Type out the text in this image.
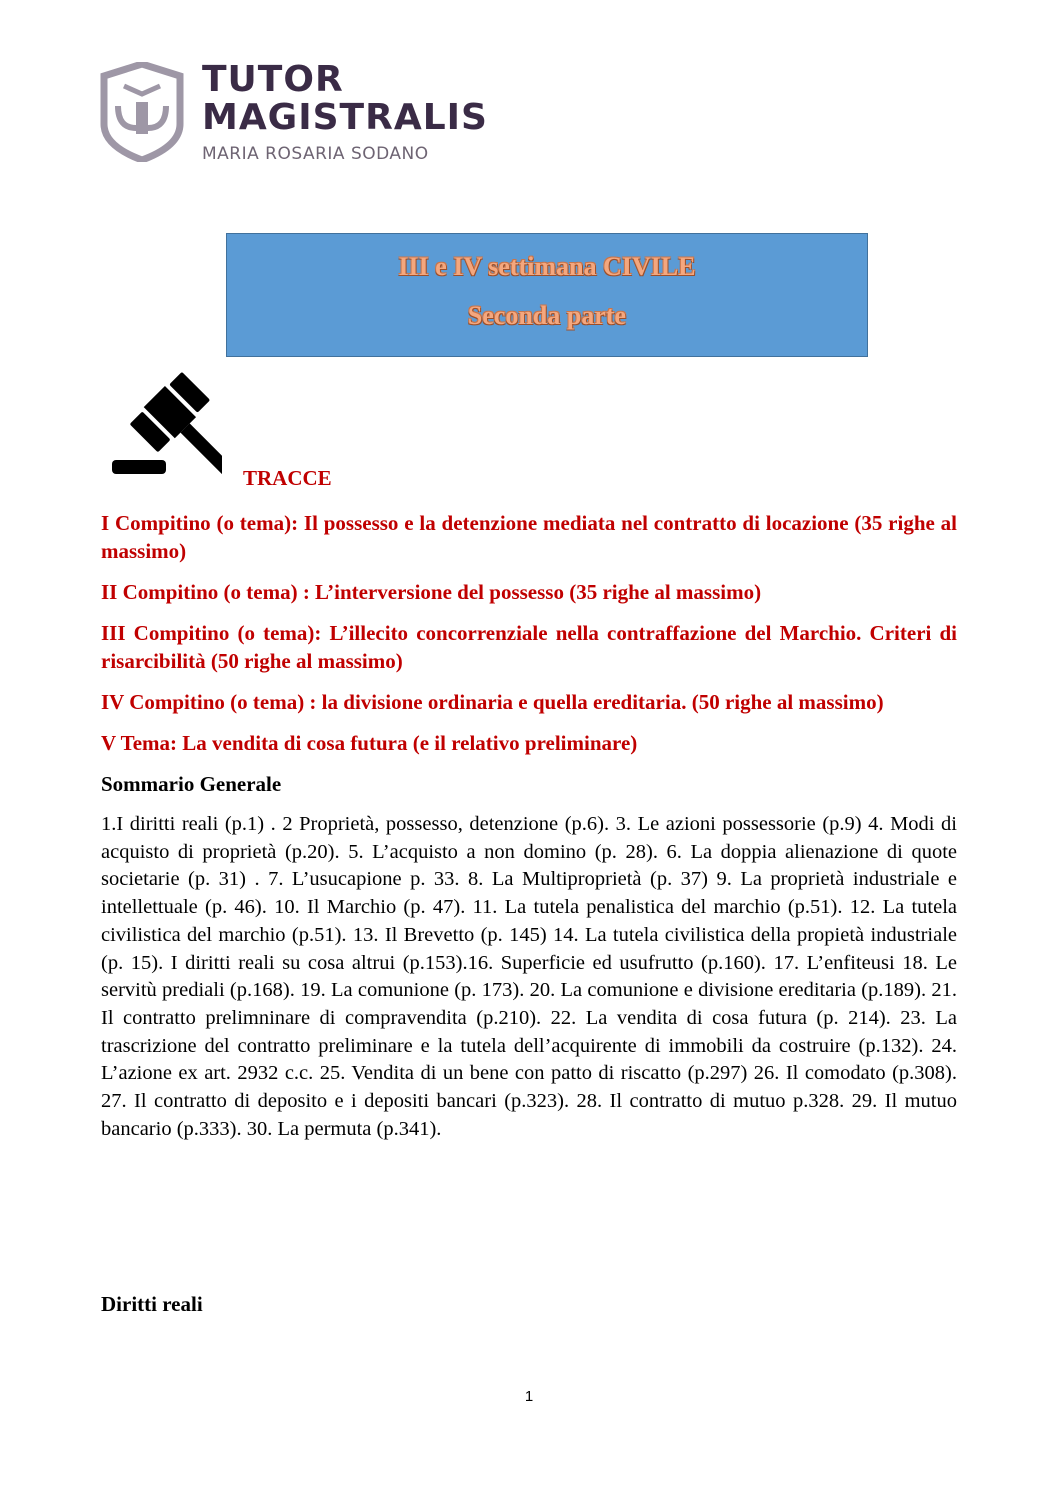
TUTOR
MAGISTRALIS
MARIA ROSARIA SODANO
III e IV settimana CIVILE
Seconda parte
TRACCE

I Compitino (o tema): Il possesso e la detenzione mediata nel contratto di locazione (35 righe al massimo)

II Compitino (o tema) : L’interversione del possesso (35 righe al massimo)

III Compitino (o tema): L’illecito concorrenziale nella contraffazione del Marchio. Criteri di risarcibilità (50 righe al massimo)

IV Compitino (o tema) : la divisione ordinaria e quella ereditaria. (50 righe al massimo)

V Tema: La vendita di cosa futura (e il relativo preliminare)

Sommario Generale

1.I diritti reali (p.1) . 2 Proprietà, possesso, detenzione (p.6). 3. Le azioni possessorie (p.9) 4. Modi di acquisto di proprietà (p.20). 5. L’acquisto a non domino (p. 28). 6. La doppia alienazione di quote societarie (p. 31) . 7. L’usucapione p. 33. 8. La Multiproprietà (p. 37) 9. La proprietà industriale e intellettuale (p. 46). 10. Il Marchio (p. 47). 11. La tutela penalistica del marchio (p.51). 12. La tutela civilistica del marchio (p.51). 13. Il Brevetto (p. 145) 14. La tutela civilistica della propietà industriale (p. 15). I diritti reali su cosa altrui (p.153).16. Superficie ed usufrutto (p.160). 17. L’enfiteusi 18. Le servitù prediali (p.168). 19. La comunione (p. 173). 20. La comunione e divisione ereditaria (p.189). 21. Il contratto prelimninare di compravendita (p.210). 22. La vendita di cosa futura (p. 214). 23. La trascrizione del contratto preliminare e la tutela dell’acquirente di immobili da costruire (p.132). 24. L’azione ex art. 2932 c.c. 25. Vendita di un bene con patto di riscatto (p.297) 26. Il comodato (p.308). 27. Il contratto di deposito e i depositi bancari (p.323). 28. Il contratto di mutuo p.328. 29. Il mutuo bancario (p.333). 30. La permuta (p.341).

Diritti reali
1
